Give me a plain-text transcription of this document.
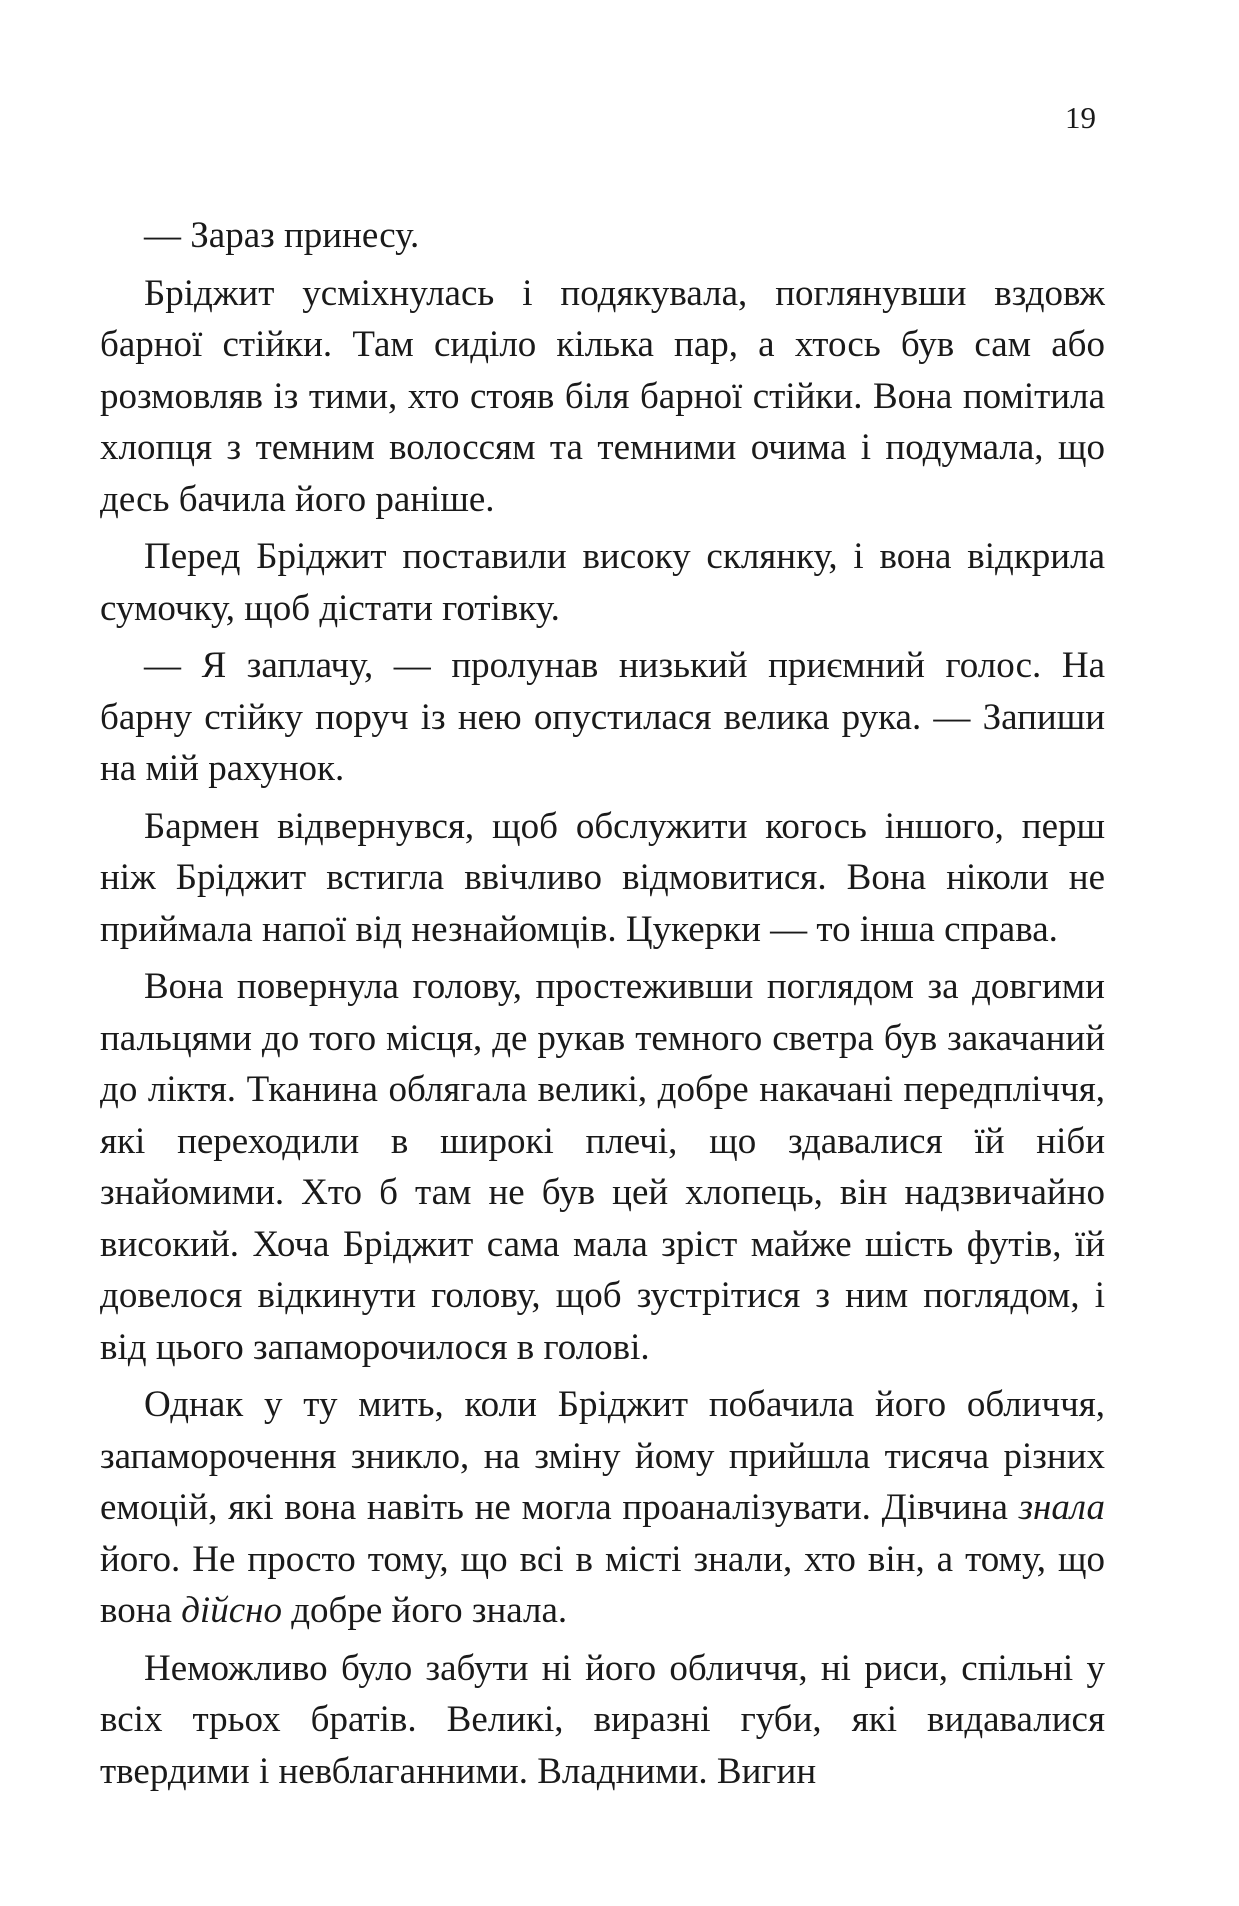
19

— Зараз принесу.

Бріджит усміхнулась і подякувала, поглянувши вздовж барної стійки. Там сиділо кілька пар, а хтось був сам або розмовляв із тими, хто стояв біля барної стійки. Вона помітила хлопця з темним волоссям та темними очима і подумала, що десь бачила його раніше.

Перед Бріджит поставили високу склянку, і вона відкрила сумочку, щоб дістати готівку.

— Я заплачу, — пролунав низький приємний голос. На барну стійку поруч із нею опустилася велика рука. — Запиши на мій рахунок.

Бармен відвернувся, щоб обслужити когось іншого, перш ніж Бріджит встигла ввічливо відмовитися. Вона ніколи не приймала напої від незнайомців. Цукерки — то інша справа.

Вона повернула голову, простеживши поглядом за довгими пальцями до того місця, де рукав темного светра був закачаний до ліктя. Тканина облягала великі, добре накачані передпліччя, які переходили в широкі плечі, що здавалися їй ніби знайомими. Хто б там не був цей хлопець, він надзвичайно високий. Хоча Бріджит сама мала зріст майже шість футів, їй довелося відкинути голову, щоб зустрітися з ним поглядом, і від цього запаморочилося в голові.

Однак у ту мить, коли Бріджит побачила його обличчя, запаморочення зникло, на зміну йому прийшла тисяча різних емоцій, які вона навіть не могла проаналізувати. Дівчина знала його. Не просто тому, що всі в місті знали, хто він, а тому, що вона дійсно добре його знала.

Неможливо було забути ні його обличчя, ні риси, спільні у всіх трьох братів. Великі, виразні губи, які видавалися твердими і невблаганними. Владними. Вигин
